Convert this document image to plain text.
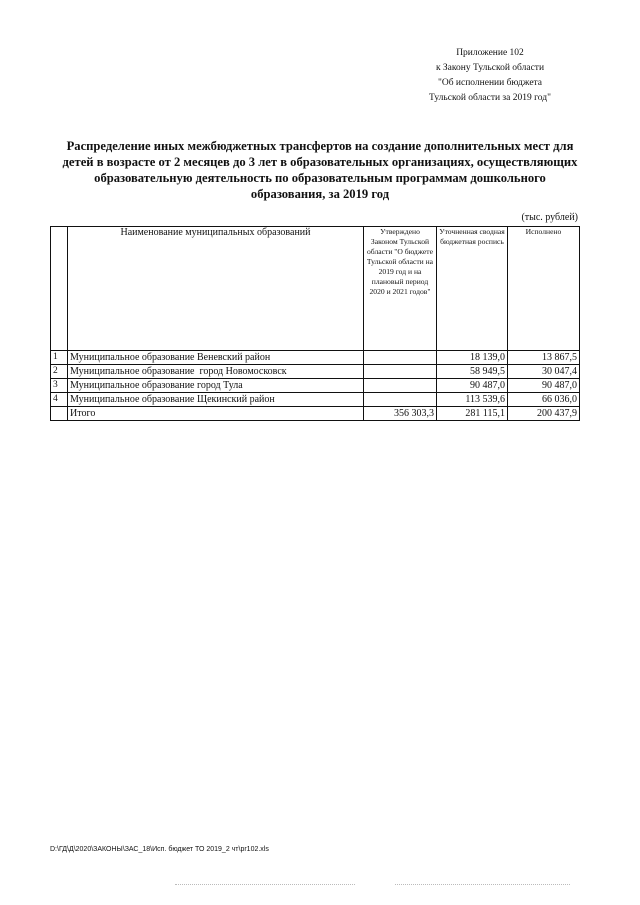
Приложение 102
к Закону Тульской области
"Об исполнении бюджета
Тульской области за 2019 год"
Распределение иных межбюджетных трансфертов на создание дополнительных мест для
детей в возрасте от 2 месяцев до 3 лет в образовательных организациях, осуществляющих
образовательную деятельность по образовательным программам дошкольного
образования, за 2019 год
(тыс. рублей)
	Наименование муниципальных образований	Утверждено Законом Тульской области "О бюджете Тульской области на 2019 год и на плановый период 2020 и 2021 годов"	Уточненная сводная бюджетная роспись	Исполнено
1	Муниципальное образование Веневский район		18 139,0	13 867,5
2	Муниципальное образование  город Новомосковск		58 949,5	30 047,4
3	Муниципальное образование город Тула		90 487,0	90 487,0
4	Муниципальное образование Щекинский район		113 539,6	66 036,0
	Итого	356 303,3	281 115,1	200 437,9
D:\ГД\Д\2020\ЗАКОНЫ\ЗАС_18\Исп. бюджет ТО 2019_2 чт\pr102.xls
